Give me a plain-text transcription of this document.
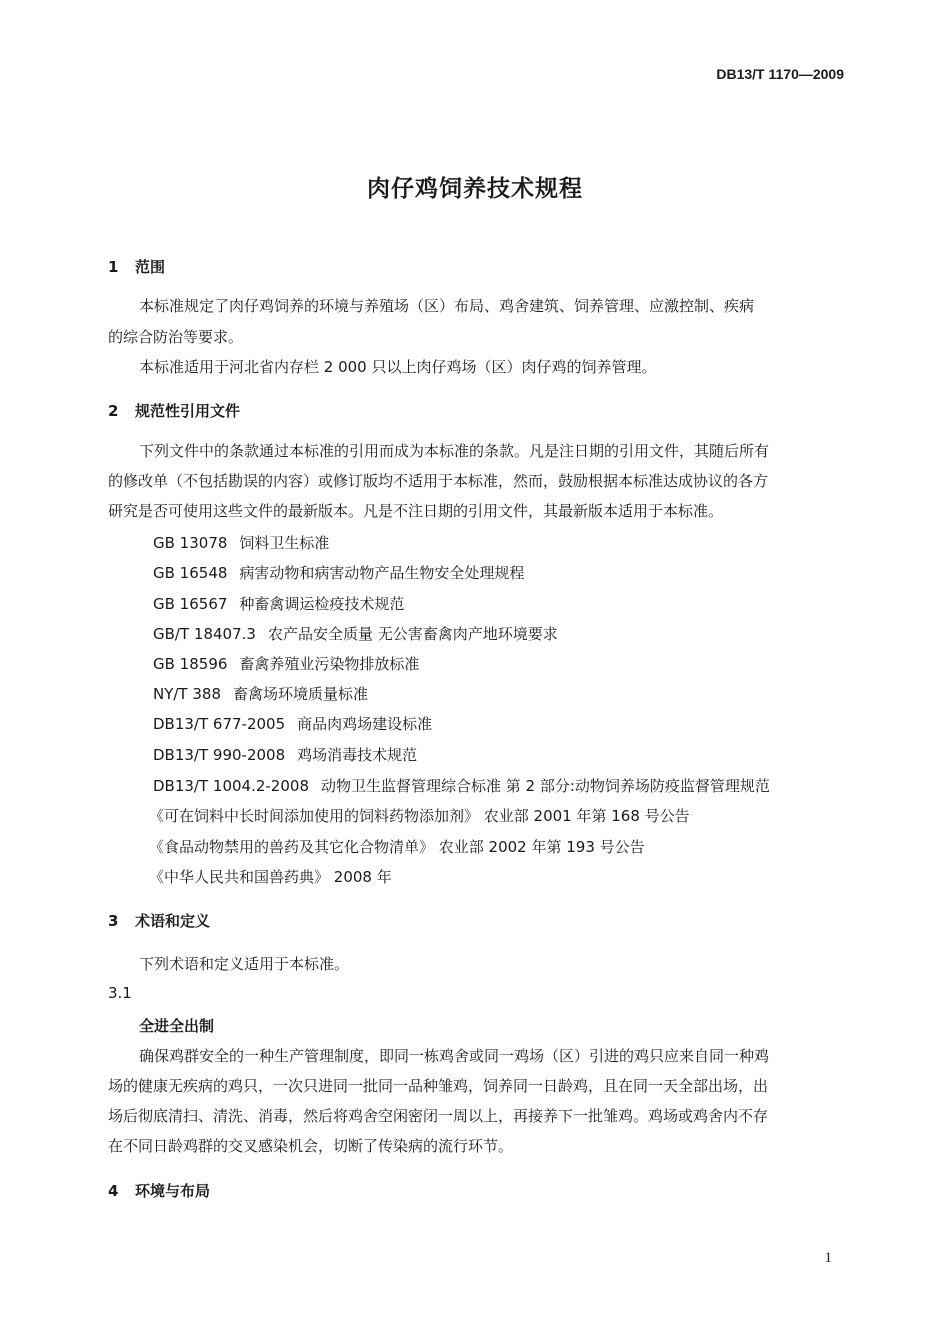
DB13/T 1170—2009
肉仔鸡饲养技术规程
1 范围
本标准规定了肉仔鸡饲养的环境与养殖场（区）布局、鸡舍建筑、饲养管理、应激控制、疾病
的综合防治等要求。
本标准适用于河北省内存栏 2 000 只以上肉仔鸡场（区）肉仔鸡的饲养管理。
2 规范性引用文件
下列文件中的条款通过本标准的引用而成为本标准的条款。凡是注日期的引用文件，其随后所有
的修改单（不包括勘误的内容）或修订版均不适用于本标准，然而，鼓励根据本标准达成协议的各方
研究是否可使用这些文件的最新版本。凡是不注日期的引用文件，其最新版本适用于本标准。
GB 13078 饲料卫生标准
GB 16548 病害动物和病害动物产品生物安全处理规程
GB 16567 种畜禽调运检疫技术规范
GB/T 18407.3 农产品安全质量 无公害畜禽肉产地环境要求
GB 18596 畜禽养殖业污染物排放标准
NY/T 388 畜禽场环境质量标准
DB13/T 677-2005 商品肉鸡场建设标准
DB13/T 990-2008 鸡场消毒技术规范
DB13/T 1004.2-2008 动物卫生监督管理综合标准 第 2 部分:动物饲养场防疫监督管理规范
《可在饲料中长时间添加使用的饲料药物添加剂》 农业部 2001 年第 168 号公告
《食品动物禁用的兽药及其它化合物清单》 农业部 2002 年第 193 号公告
《中华人民共和国兽药典》 2008 年
3 术语和定义
下列术语和定义适用于本标准。
3.1
全进全出制
确保鸡群安全的一种生产管理制度，即同一栋鸡舍或同一鸡场（区）引进的鸡只应来自同一种鸡
场的健康无疾病的鸡只，一次只进同一批同一品种雏鸡，饲养同一日龄鸡，且在同一天全部出场，出
场后彻底清扫、清洗、消毒，然后将鸡舍空闲密闭一周以上，再接养下一批雏鸡。鸡场或鸡舍内不存
在不同日龄鸡群的交叉感染机会，切断了传染病的流行环节。
4 环境与布局
1
